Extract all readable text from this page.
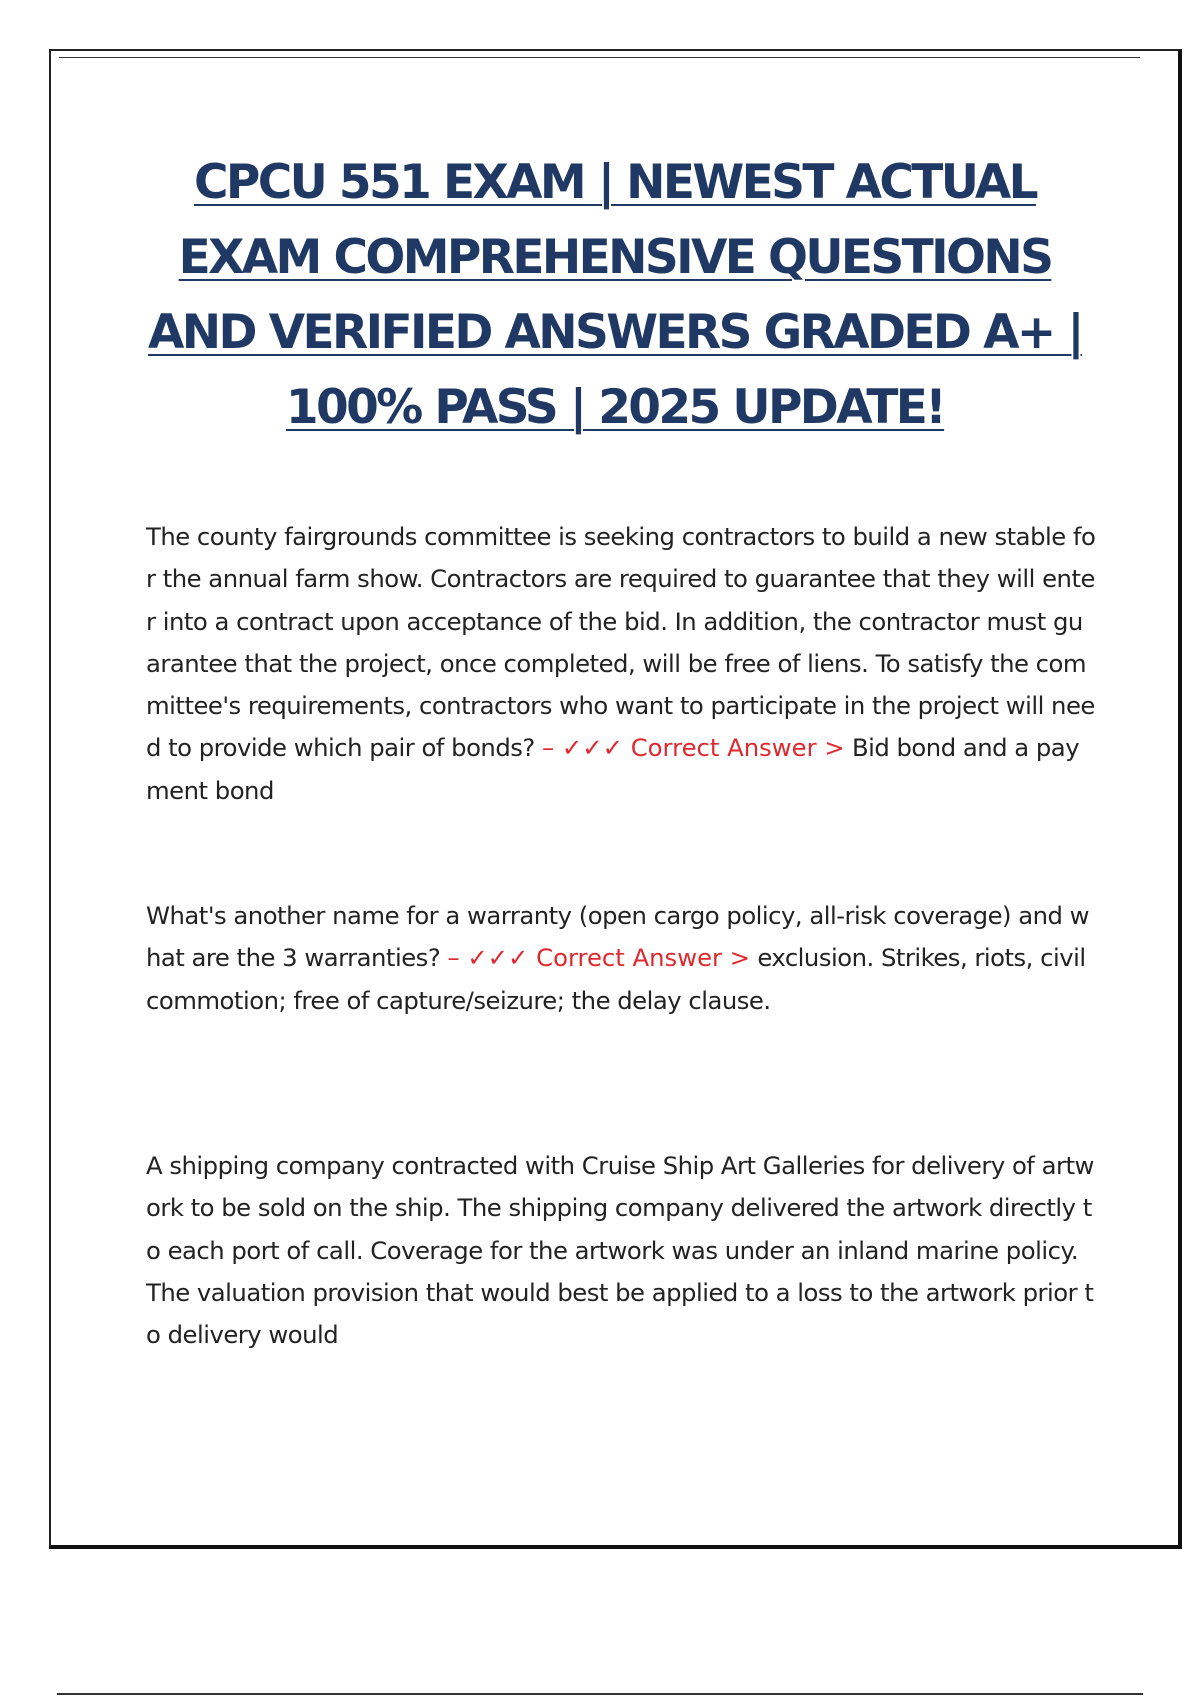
CPCU 551 EXAM | NEWEST ACTUAL EXAM COMPREHENSIVE QUESTIONS AND VERIFIED ANSWERS GRADED A+ | 100% PASS | 2025 UPDATE!

The county fairgrounds committee is seeking contractors to build a new stable for the annual farm show. Contractors are required to guarantee that they will enter into a contract upon acceptance of the bid. In addition, the contractor must guarantee that the project, once completed, will be free of liens. To satisfy the committee's requirements, contractors who want to participate in the project will need to provide which pair of bonds? – ✓✓✓ Correct Answer > Bid bond and a payment bond

What's another name for a warranty (open cargo policy, all-risk coverage) and what are the 3 warranties? – ✓✓✓ Correct Answer > exclusion. Strikes, riots, civil commotion; free of capture/seizure; the delay clause.

A shipping company contracted with Cruise Ship Art Galleries for delivery of artwork to be sold on the ship. The shipping company delivered the artwork directly to each port of call. Coverage for the artwork was under an inland marine policy. The valuation provision that would best be applied to a loss to the artwork prior to delivery would
